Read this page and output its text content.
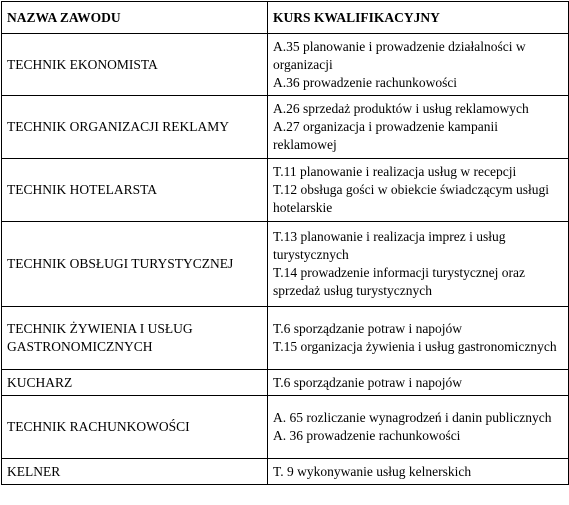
NAZWA ZAWODU	KURS KWALIFIKACYJNY
TECHNIK EKONOMISTA	A.35 planowanie i prowadzenie działalności w organizacji
A.36 prowadzenie rachunkowości

TECHNIK ORGANIZACJI REKLAMY	A.26 sprzedaż produktów i usług reklamowych
A.27 organizacja i prowadzenie kampanii reklamowej

TECHNIK HOTELARSTA	T.11 planowanie i realizacja usług w recepcji
T.12 obsługa gości w obiekcie świadczącym usługi hotelarskie

TECHNIK OBSŁUGI TURYSTYCZNEJ	T.13 planowanie i realizacja imprez i usług turystycznych
T.14 prowadzenie informacji turystycznej oraz sprzedaż usług turystycznych

TECHNIK ŻYWIENIA I USŁUG GASTRONOMICZNYCH	T.6 sporządzanie potraw i napojów
T.15 organizacja żywienia i usług gastronomicznych

KUCHARZ	T.6 sporządzanie potraw i napojów

TECHNIK RACHUNKOWOŚCI	A. 65 rozliczanie wynagrodzeń i danin publicznych
A. 36 prowadzenie rachunkowości

KELNER	T. 9 wykonywanie usług kelnerskich
